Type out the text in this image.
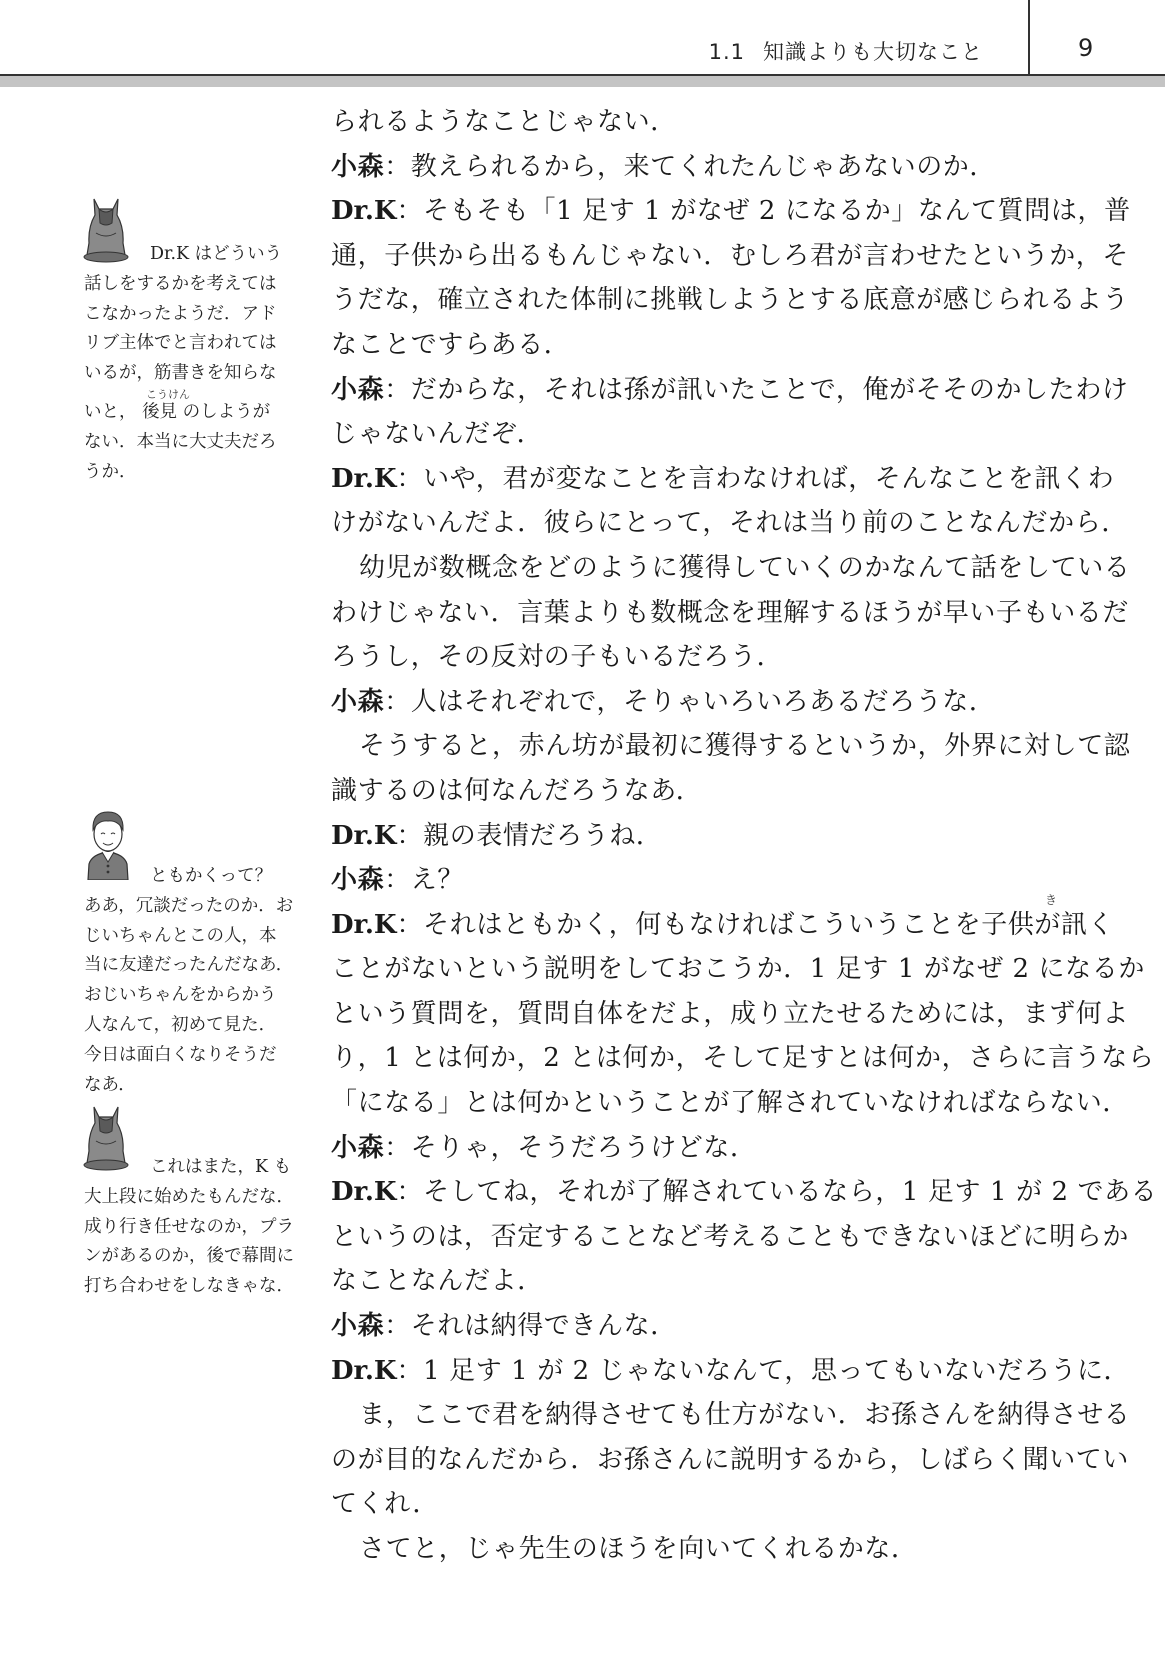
1.1 知識よりも大切なこと	9

られるようなことじゃない．

小森：教えられるから，来てくれたんじゃあないのか．

Dr.K：そもそも「1 足す 1 がなぜ 2 になるか」なんて質問は，普

通，子供から出るもんじゃない．むしろ君が言わせたというか，そ

うだな，確立された体制に挑戦しようとする底意が感じられるよう

なことですらある．

小森：だからな，それは孫が訊いたことで，俺がそそのかしたわけ

じゃないんだぞ．

Dr.K：いや，君が変なことを言わなければ，そんなことを訊くわ

けがないんだよ．彼らにとって，それは当り前のことなんだから．

幼児が数概念をどのように獲得していくのかなんて話をしている

わけじゃない．言葉よりも数概念を理解するほうが早い子もいるだ

ろうし，その反対の子もいるだろう．

小森：人はそれぞれで，そりゃいろいろあるだろうな．

そうすると，赤ん坊が最初に獲得するというか，外界に対して認

識するのは何なんだろうなあ．

Dr.K：親の表情だろうね．

小森：え？

Dr.K：それはともかく，何もなければこういうことを子供が訊く

ことがないという説明をしておこうか．1 足す 1 がなぜ 2 になるか

という質問を，質問自体をだよ，成り立たせるためには，まず何よ

り，1 とは何か，2 とは何か，そして足すとは何か，さらに言うなら

「になる」とは何かということが了解されていなければならない．

小森：そりゃ，そうだろうけどな．

Dr.K：そしてね，それが了解されているなら，1 足す 1 が 2 である

というのは，否定することなど考えることもできないほどに明らか

なことなんだよ．

小森：それは納得できんな．

Dr.K：1 足す 1 が 2 じゃないなんて，思ってもいないだろうに．

ま，ここで君を納得させても仕方がない．お孫さんを納得させる

のが目的なんだから．お孫さんに説明するから，しばらく聞いてい

てくれ．

さてと，じゃ先生のほうを向いてくれるかな．

き

Dr.K はどういう

話しをするかを考えては

こなかったようだ．アド

リブ主体でと言われては

いるが，筋書きを知らな

こうけん

いと， 後見 のしようが

ない．本当に大丈夫だろ

うか．

ともかくって？

ああ，冗談だったのか．お

じいちゃんとこの人，本

当に友達だったんだなあ．

おじいちゃんをからかう

人なんて，初めて見た．

今日は面白くなりそうだ

なあ．

これはまた，K も

大上段に始めたもんだな．

成り行き任せなのか，プラ

ンがあるのか，後で幕間に

打ち合わせをしなきゃな．
